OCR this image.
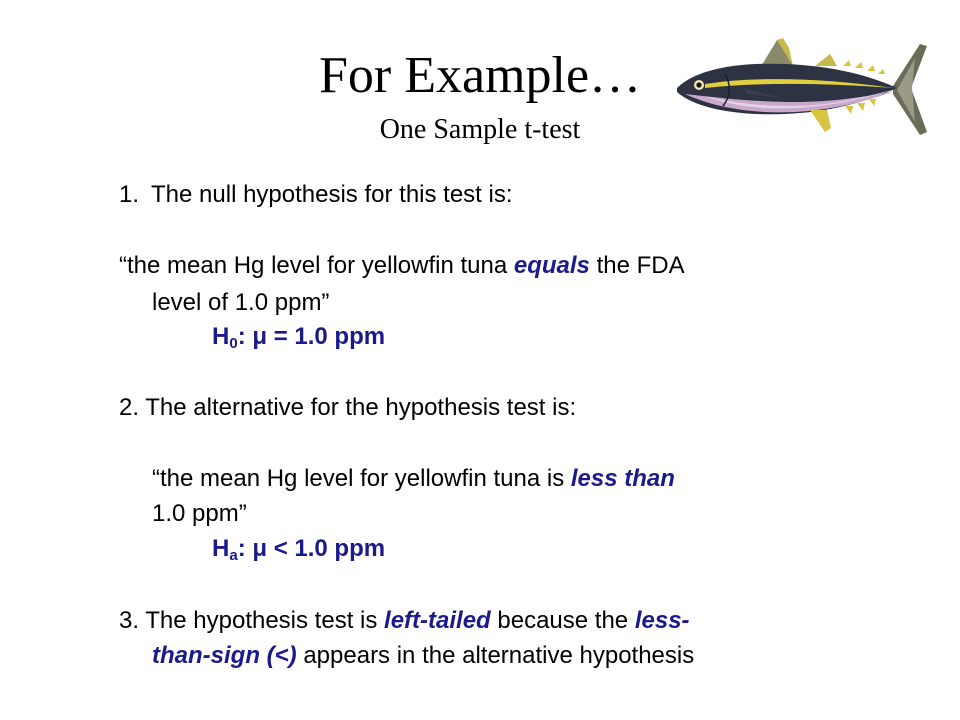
For Example…
One Sample t-test
1. The null hypothesis for this test is:
“the mean Hg level for yellowfin tuna equals the FDA
level of 1.0 ppm”
$H_0$: μ = 1.0 ppm
2. The alternative for the hypothesis test is:
“the mean Hg level for yellowfin tuna is less than
1.0 ppm”
$H_a$: μ < 1.0 ppm
3. The hypothesis test is left-tailed because the less-
than-sign (<) appears in the alternative hypothesis
